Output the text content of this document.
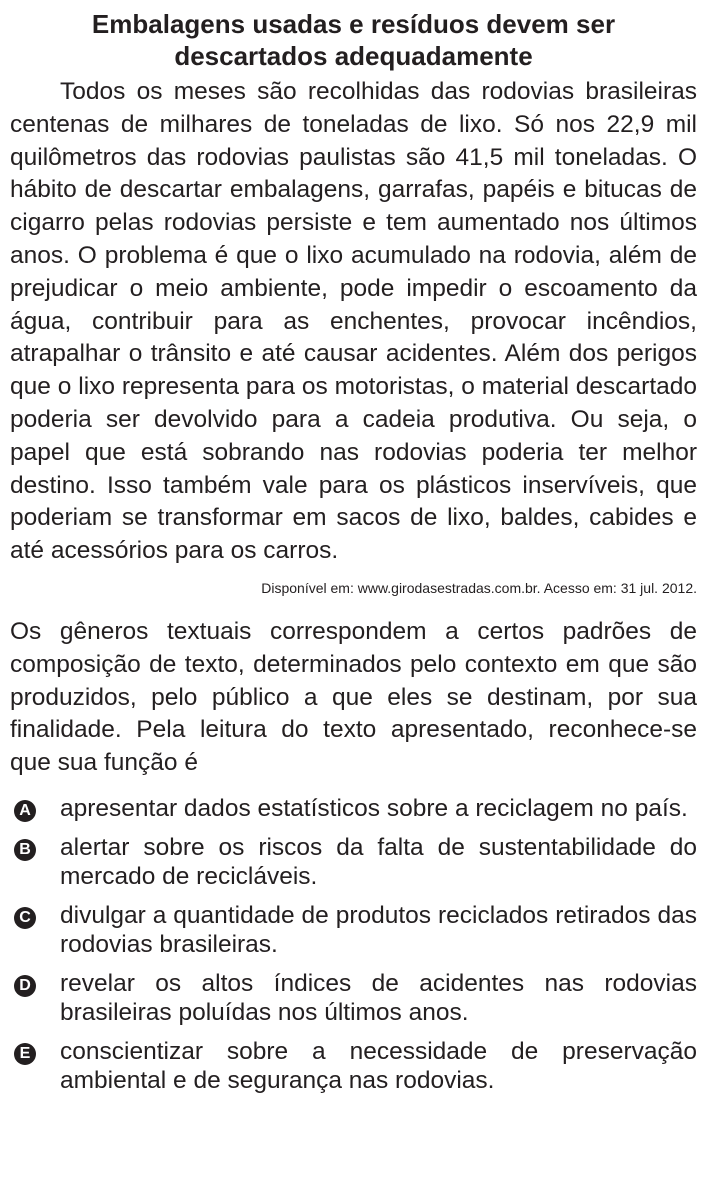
Embalagens usadas e resíduos devem ser
descartados adequadamente

Todos os meses são recolhidas das rodovias brasileiras centenas de milhares de toneladas de lixo. Só nos 22,9 mil quilômetros das rodovias paulistas são 41,5 mil toneladas. O hábito de descartar embalagens, garrafas, papéis e bitucas de cigarro pelas rodovias persiste e tem aumentado nos últimos anos. O problema é que o lixo acumulado na rodovia, além de prejudicar o meio ambiente, pode impedir o escoamento da água, contribuir para as enchentes, provocar incêndios, atrapalhar o trânsito e até causar acidentes. Além dos perigos que o lixo representa para os motoristas, o material descartado poderia ser devolvido para a cadeia produtiva. Ou seja, o papel que está sobrando nas rodovias poderia ter melhor destino. Isso também vale para os plásticos inservíveis, que poderiam se transformar em sacos de lixo, baldes, cabides e até acessórios para os carros.

Disponível em: www.girodasestradas.com.br. Acesso em: 31 jul. 2012.

Os gêneros textuais correspondem a certos padrões de composição de texto, determinados pelo contexto em que são produzidos, pelo público a que eles se destinam, por sua finalidade. Pela leitura do texto apresentado, reconhece-se que sua função é

A apresentar dados estatísticos sobre a reciclagem no país.
B alertar sobre os riscos da falta de sustentabilidade do mercado de recicláveis.
C divulgar a quantidade de produtos reciclados retirados das rodovias brasileiras.
D revelar os altos índices de acidentes nas rodovias brasileiras poluídas nos últimos anos.
E conscientizar sobre a necessidade de preservação ambiental e de segurança nas rodovias.
